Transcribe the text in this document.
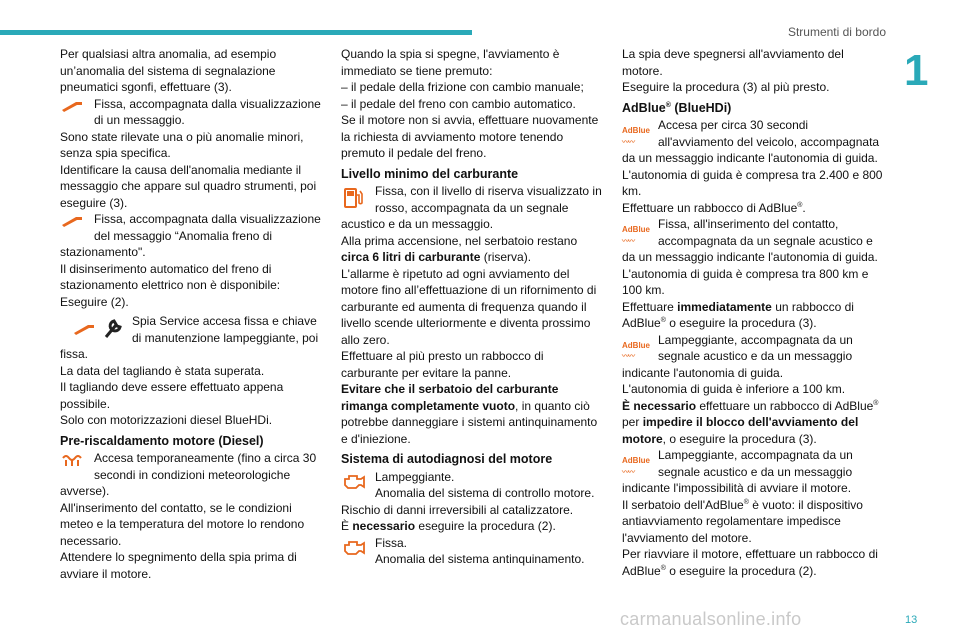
Strumenti di bordo
1

Per qualsiasi altra anomalia, ad esempio un’anomalia del sistema di segnalazione pneumatici sgonfi, effettuare (3).

Fissa, accompagnata dalla visualizzazione di un messaggio.

Sono state rilevate una o più anomalie minori, senza spia specifica.

Identificare la causa dell'anomalia mediante il messaggio che appare sul quadro strumenti, poi eseguire (3).

Fissa, accompagnata dalla visualizzazione del messaggio “Anomalia freno di stazionamento".

Il disinserimento automatico del freno di stazionamento elettrico non è disponibile: Eseguire (2).

Spia Service accesa fissa e chiave di manutenzione lampeggiante, poi fissa.

La data del tagliando è stata superata.

Il tagliando deve essere effettuato appena possibile.

Solo con motorizzazioni diesel BlueHDi.

Pre-riscaldamento motore (Diesel)

Accesa temporaneamente (fino a circa 30 secondi in condizioni meteorologiche avverse).

All'inserimento del contatto, se le condizioni meteo e la temperatura del motore lo rendono necessario.

Attendere lo spegnimento della spia prima di avviare il motore.

Quando la spia si spegne, l'avviamento è immediato se tiene premuto:

– il pedale della frizione con cambio manuale;

– il pedale del freno con cambio automatico.

Se il motore non si avvia, effettuare nuovamente la richiesta di avviamento motore tenendo premuto il pedale del freno.

Livello minimo del carburante

Fissa, con il livello di riserva visualizzato in rosso, accompagnata da un segnale acustico e da un messaggio.

Alla prima accensione, nel serbatoio restano circa 6 litri di carburante (riserva).

L'allarme è ripetuto ad ogni avviamento del motore fino all’effettuazione di un rifornimento di carburante ed aumenta di frequenza quando il livello scende ulteriormente e diventa prossimo allo zero.

Effettuare al più presto un rabbocco di carburante per evitare la panne.

Evitare che il serbatoio del carburante rimanga completamente vuoto, in quanto ciò potrebbe danneggiare i sistemi antinquinamento e d'iniezione.

Sistema di autodiagnosi del motore

Lampeggiante.

Anomalia del sistema di controllo motore.

Rischio di danni irreversibili al catalizzatore.

È necessario eseguire la procedura (2).

Fissa.

Anomalia del sistema antinquinamento.

La spia deve spegnersi all'avviamento del motore.

Eseguire la procedura (3) al più presto.

AdBlue® (BlueHDi)

AdBlue
〰〰

Accesa per circa 30 secondi all'avviamento del veicolo, accompagnata da un messaggio indicante l'autonomia di guida.

L'autonomia di guida è compresa tra 2.400 e 800 km.

Effettuare un rabbocco di AdBlue®.

AdBlue
〰〰

Fissa, all'inserimento del contatto, accompagnata da un segnale acustico e da un messaggio indicante l'autonomia di guida.

L'autonomia di guida è compresa tra 800 km e 100 km.

Effettuare immediatamente un rabbocco di AdBlue® o eseguire la procedura (3).

AdBlue
〰〰

Lampeggiante, accompagnata da un segnale acustico e da un messaggio indicante l'autonomia di guida.

L'autonomia di guida è inferiore a 100 km.

È necessario effettuare un rabbocco di AdBlue® per impedire il blocco dell'avviamento del motore, o eseguire la procedura (3).

AdBlue
〰〰

Lampeggiante, accompagnata da un segnale acustico e da un messaggio indicante l'impossibilità di avviare il motore.

Il serbatoio dell'AdBlue® è vuoto: il dispositivo antiavviamento regolamentare impedisce l'avviamento del motore.

Per riavviare il motore, effettuare un rabbocco di AdBlue® o eseguire la procedura (2).

carmanualsonline.info	13
